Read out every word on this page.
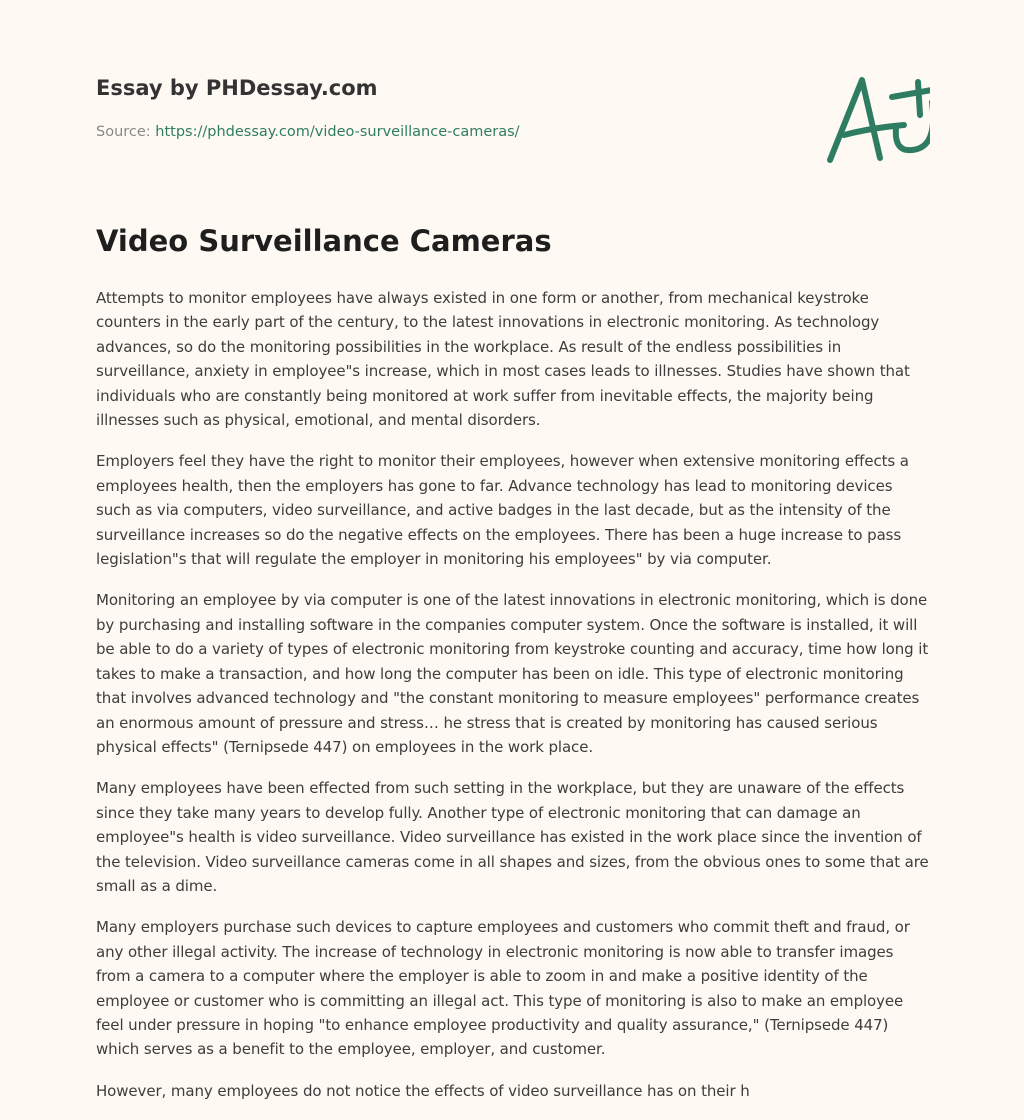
Essay by PHDessay.com

Source: https://phdessay.com/video-surveillance-cameras/
Video Surveillance Cameras

Attempts to monitor employees have always existed in one form or another, from mechanical keystroke counters in the early part of the century, to the latest innovations in electronic monitoring. As technology advances, so do the monitoring possibilities in the workplace. As result of the endless possibilities in surveillance, anxiety in employee"s increase, which in most cases leads to illnesses. Studies have shown that individuals who are constantly being monitored at work suffer from inevitable effects, the majority being illnesses such as physical, emotional, and mental disorders.

Employers feel they have the right to monitor their employees, however when extensive monitoring effects a employees health, then the employers has gone to far. Advance technology has lead to monitoring devices such as via computers, video surveillance, and active badges in the last decade, but as the intensity of the surveillance increases so do the negative effects on the employees. There has been a huge increase to pass legislation"s that will regulate the employer in monitoring his employees" by via computer.

Monitoring an employee by via computer is one of the latest innovations in electronic monitoring, which is done by purchasing and installing software in the companies computer system. Once the software is installed, it will be able to do a variety of types of electronic monitoring from keystroke counting and accuracy, time how long it takes to make a transaction, and how long the computer has been on idle. This type of electronic monitoring that involves advanced technology and "the constant monitoring to measure employees" performance creates an enormous amount of pressure and stress… he stress that is created by monitoring has caused serious physical effects" (Ternipsede 447) on employees in the work place.

Many employees have been effected from such setting in the workplace, but they are unaware of the effects since they take many years to develop fully. Another type of electronic monitoring that can damage an employee"s health is video surveillance. Video surveillance has existed in the work place since the invention of the television. Video surveillance cameras come in all shapes and sizes, from the obvious ones to some that are small as a dime.

Many employers purchase such devices to capture employees and customers who commit theft and fraud, or any other illegal activity. The increase of technology in electronic monitoring is now able to transfer images from a camera to a computer where the employer is able to zoom in and make a positive identity of the employee or customer who is committing an illegal act. This type of monitoring is also to make an employee feel under pressure in hoping "to enhance employee productivity and quality assurance," (Ternipsede 447) which serves as a benefit to the employee, employer, and customer.

However, many employees do not notice the effects of video surveillance has on their h
